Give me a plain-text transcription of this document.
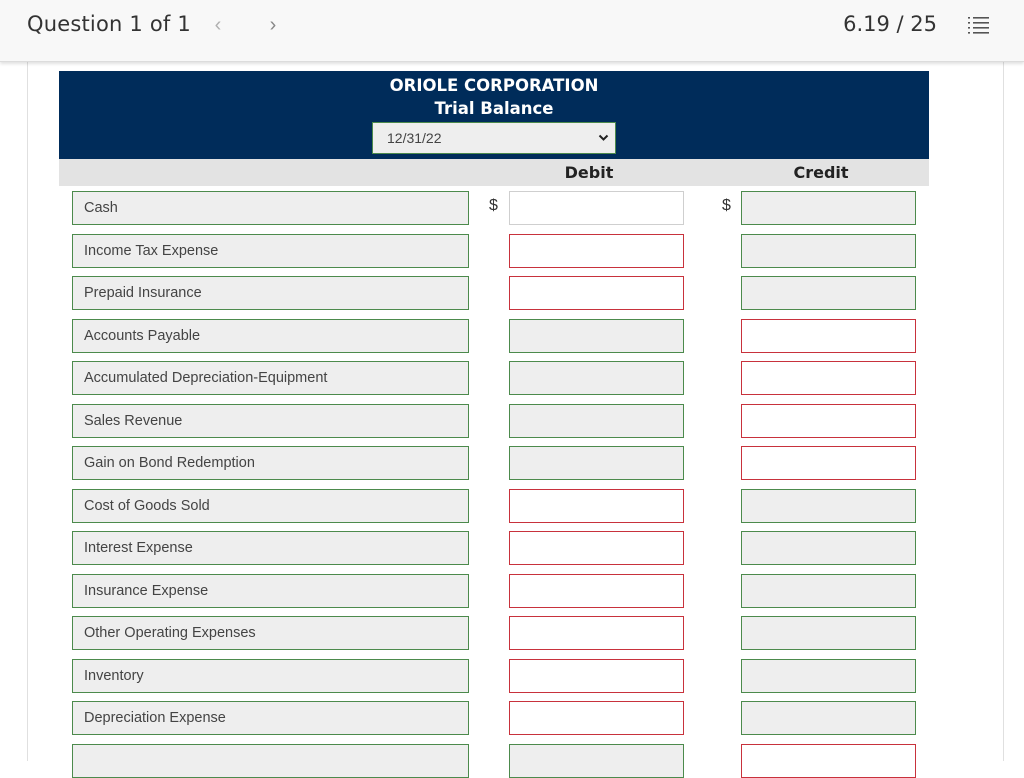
Question 1 of 1	‹	›	6.19 / 25
ORIOLE CORPORATION
Trial Balance
12/31/22
Debit	Credit
Cash	$	$
Income Tax Expense
Prepaid Insurance
Accounts Payable
Accumulated Depreciation-Equipment
Sales Revenue
Gain on Bond Redemption
Cost of Goods Sold
Interest Expense
Insurance Expense
Other Operating Expenses
Inventory
Depreciation Expense
